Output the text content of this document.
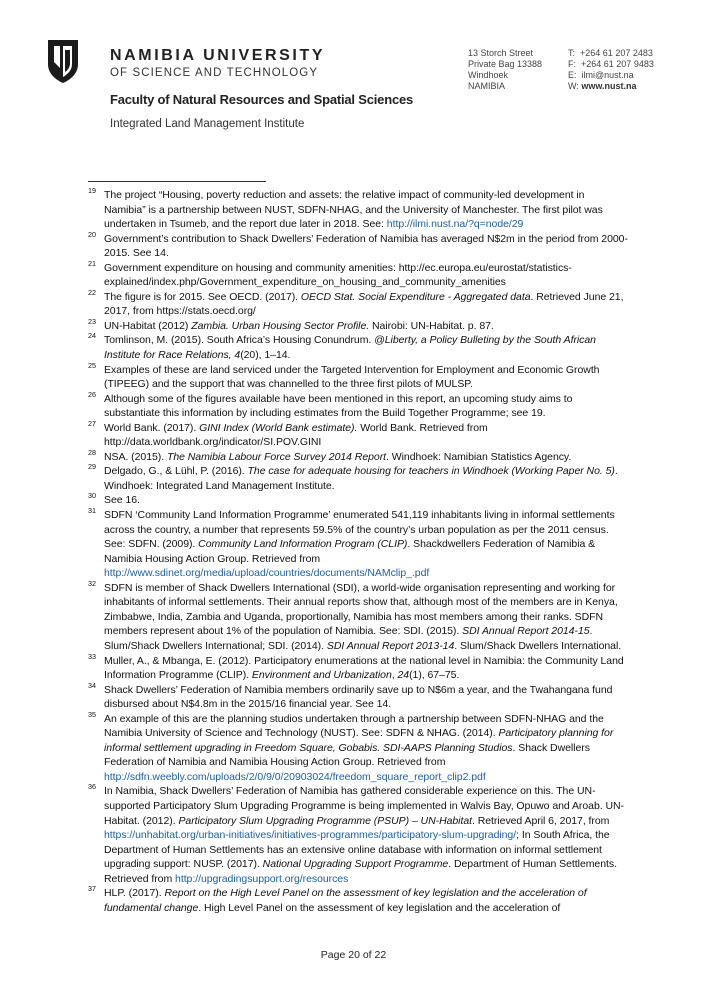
NAMIBIA UNIVERSITY
OF SCIENCE AND TECHNOLOGY
Faculty of Natural Resources and Spatial Sciences
Integrated Land Management Institute
13 Storch Street
Private Bag 13388
Windhoek
NAMIBIA
T: +264 61 207 2483
F: +264 61 207 9483
E: ilmi@nust.na
W: www.nust.na
19 The project “Housing, poverty reduction and assets: the relative impact of community-led development in Namibia” is a partnership between NUST, SDFN-NHAG, and the University of Manchester. The first pilot was undertaken in Tsumeb, and the report due later in 2018. See: http://ilmi.nust.na/?q=node/29
20 Government’s contribution to Shack Dwellers’ Federation of Namibia has averaged N$2m in the period from 2000-2015. See 14.
21 Government expenditure on housing and community amenities: http://ec.europa.eu/eurostat/statistics-explained/index.php/Government_expenditure_on_housing_and_community_amenities
22 The figure is for 2015. See OECD. (2017). OECD Stat. Social Expenditure - Aggregated data. Retrieved June 21, 2017, from https://stats.oecd.org/
23 UN-Habitat (2012) Zambia. Urban Housing Sector Profile. Nairobi: UN-Habitat. p. 87.
24 Tomlinson, M. (2015). South Africa’s Housing Conundrum. @Liberty, a Policy Bulleting by the South African Institute for Race Relations, 4(20), 1–14.
25 Examples of these are land serviced under the Targeted Intervention for Employment and Economic Growth (TIPEEG) and the support that was channelled to the three first pilots of MULSP.
26 Although some of the figures available have been mentioned in this report, an upcoming study aims to substantiate this information by including estimates from the Build Together Programme; see 19.
27 World Bank. (2017). GINI Index (World Bank estimate). World Bank. Retrieved from http://data.worldbank.org/indicator/SI.POV.GINI
28 NSA. (2015). The Namibia Labour Force Survey 2014 Report. Windhoek: Namibian Statistics Agency.
29 Delgado, G., & Lühl, P. (2016). The case for adequate housing for teachers in Windhoek (Working Paper No. 5). Windhoek: Integrated Land Management Institute.
30 See 16.
31 SDFN ‘Community Land Information Programme’ enumerated 541,119 inhabitants living in informal settlements across the country, a number that represents 59.5% of the country’s urban population as per the 2011 census. See: SDFN. (2009). Community Land Information Program (CLIP). Shackdwellers Federation of Namibia & Namibia Housing Action Group. Retrieved from http://www.sdinet.org/media/upload/countries/documents/NAMclip_.pdf
32 SDFN is member of Shack Dwellers International (SDI), a world-wide organisation representing and working for inhabitants of informal settlements. Their annual reports show that, although most of the members are in Kenya, Zimbabwe, India, Zambia and Uganda, proportionally, Namibia has most members among their ranks. SDFN members represent about 1% of the population of Namibia. See: SDI. (2015). SDI Annual Report 2014-15. Slum/Shack Dwellers International; SDI. (2014). SDI Annual Report 2013-14. Slum/Shack Dwellers International.
33 Muller, A., & Mbanga, E. (2012). Participatory enumerations at the national level in Namibia: the Community Land Information Programme (CLIP). Environment and Urbanization, 24(1), 67–75.
34 Shack Dwellers’ Federation of Namibia members ordinarily save up to N$6m a year, and the Twahangana fund disbursed about N$4.8m in the 2015/16 financial year. See 14.
35 An example of this are the planning studios undertaken through a partnership between SDFN-NHAG and the Namibia University of Science and Technology (NUST). See: SDFN & NHAG. (2014). Participatory planning for informal settlement upgrading in Freedom Square, Gobabis. SDI-AAPS Planning Studios. Shack Dwellers Federation of Namibia and Namibia Housing Action Group. Retrieved from http://sdfn.weebly.com/uploads/2/0/9/0/20903024/freedom_square_report_clip2.pdf
36 In Namibia, Shack Dwellers’ Federation of Namibia has gathered considerable experience on this. The UN-supported Participatory Slum Upgrading Programme is being implemented in Walvis Bay, Opuwo and Aroab. UN-Habitat. (2012). Participatory Slum Upgrading Programme (PSUP) – UN-Habitat. Retrieved April 6, 2017, from https://unhabitat.org/urban-initiatives/initiatives-programmes/participatory-slum-upgrading/; In South Africa, the Department of Human Settlements has an extensive online database with information on informal settlement upgrading support: NUSP. (2017). National Upgrading Support Programme. Department of Human Settlements. Retrieved from http://upgradingsupport.org/resources
37 HLP. (2017). Report on the High Level Panel on the assessment of key legislation and the acceleration of fundamental change. High Level Panel on the assessment of key legislation and the acceleration of
Page 20 of 22
